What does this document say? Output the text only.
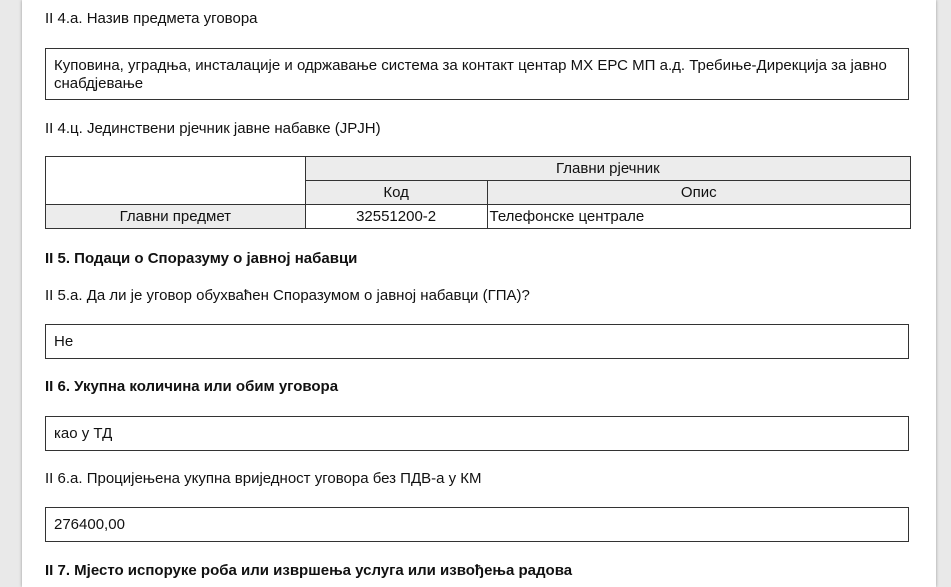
II 4.а. Назив предмета уговора
Куповина, уградња, инсталације и одржавање система за контакт центар МХ ЕРС МП а.д. Требиње-Дирекција за јавно снабдјевање
II 4.ц. Јединствени рјечник јавне набавке (ЈРЈН)
	Главни рјечник	
	Код	Опис
Главни предмет	32551200-2	Телефонске централе
II 5. Подаци о Споразуму о јавној набавци
II 5.а. Да ли је уговор обухваћен Споразумом о јавној набавци (ГПА)?
Не
II 6. Укупна количина или обим уговора
као у ТД
II 6.а. Процијењена укупна вриједност уговора без ПДВ-а у КМ
276400,00
II 7. Мјесто испоруке роба или извршења услуга или извођења радова
